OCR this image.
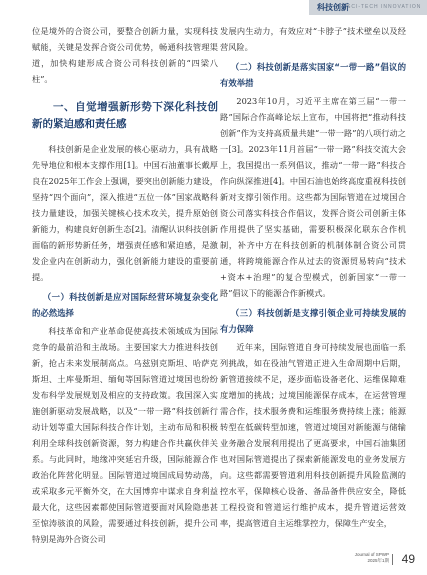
科技创新
SCI-TECH INNOVATION

位是境外的合资公司，要整合创新力量，实现科技赋能，关键是发挥合资公司优势，畅通科技管理渠道，加快构建形成合资公司科技创新的“四梁八柱”。

一、自觉增强新形势下深化科技创新的紧迫感和责任感

科技创新是企业发展的核心驱动力，具有战略先导地位和根本支撑作用[1]。中国石油董事长戴厚良在2025年工作会上强调，要突出创新能力建设，坚持“四个面向”，深入推进“五位一体”国家战略科技力量建设，加强关键核心技术攻关，提升原始创新能力，构建良好创新生态[2]。清醒认识科技创新面临的新形势新任务，增强责任感和紧迫感，是激发企业内在创新动力，强化创新能力建设的重要前提。

（一）科技创新是应对国际经营环境复杂变化的必然选择

科技革命和产业革命促使高技术领域成为国际竞争的最前沿和主战场。主要国家大力推进科技创新，抢占未来发展制高点。乌兹别克斯坦、哈萨克斯坦、土库曼斯坦、缅甸等国际管道过境国也纷纷发布科学发展规划及相应的支持政策。我国深入实施创新驱动发展战略，以及“一带一路”科技创新行动计划等重大国际科技合作计划，主动布局和积极利用全球科技创新资源，努力构建合作共赢伙伴关系。与此同时，地缘冲突延宕升级，国际能源合作政治化阵营化明显。国际管道过境国成局势动荡，或采取多元平衡外交，在大国博弈中谋求自身利益最大化，这些因素都使国际管道要面对风险隐患甚至惊涛骇浪的风险，需要通过科技创新，提升公司特别是海外合资公司

发展内生动力，有效应对“卡脖子”技术壁垒以及经营风险。

（二）科技创新是落实国家“一带一路”倡议的有效举措

2023年10月，习近平主席在第三届“一带一路”国际合作高峰论坛上宣布，中国将把“推动科技创新”作为支持高质量共建“一带一路”的八项行动之一[3]。2023年11月首届“一带一路”科技交流大会上，我国提出一系列倡议，推动“一带一路”科技合作向纵深推进[4]。中国石油也始终高度重视科技创新对支撑引领作用。这些都为国际管道在过境国合资公司落实科技合作倡议，发挥合资公司创新主体作用提供了坚实基础，需要积极深化联东合作机制，补齐中方在科技创新的机制体制合资公司贯通，将跨境能源合作从过去的资源贸易转向“技术+资本+治理”的复合型模式，创新国家“一带一路”倡议下的能源合作新模式。

（三）科技创新是支撑引领企业可持续发展的有力保障

近年来，国际管道自身可持续发展也面临一系列挑战，如在役油气管道正进入生命周期中后期，新管道接续不足，逐步面临设备老化、运维保障难度增加的挑战；过境国能源保存成本，在运营管理需合作，技术服务费和运维服务费持续上涨；能源转型在低碳转型加速，管道过境国对新能源与储输业务融合发展利用提出了更高要求，中国石油集团也对国际管道提出了探索新能源发电的业务发展方向。这些都需要管道利用科技创新提升风险监测的控水平，保障核心设备、备品备件供应安全，降低工程投资和管道运行维护成本，提升管道运营效率，提高管道自主运维掌控力，保障生产安全，

Journal of SPWP
2025年1期 49
